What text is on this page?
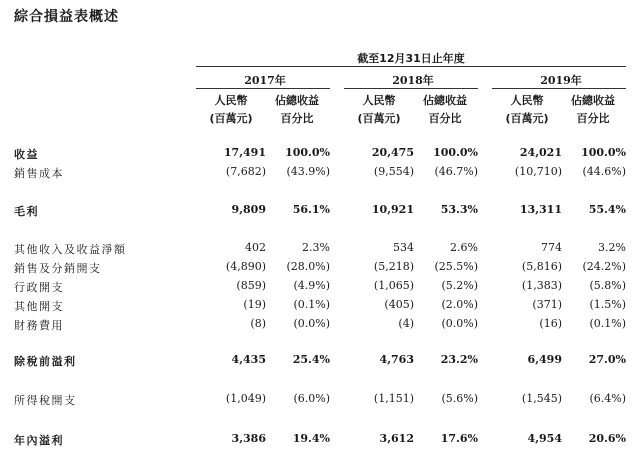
綜合損益表概述
截至12月31日止年度
2017年	2018年	2019年
人民幣
(百萬元)
佔總收益
百分比
人民幣
(百萬元)
佔總收益
百分比
人民幣
(百萬元)
佔總收益
百分比
收益	17,491 100.0%	20,475 100.0%	24,021 100.0%
銷售成本	(7,682) (43.9%)	(9,554) (46.7%)	(10,710) (44.6%)
毛利	9,809 56.1%	10,921 53.3%	13,311 55.4%
其他收入及收益淨額	402	2.3%	534	2.6%	774	3.2%
銷售及分銷開支	(4,890) (28.0%)	(5,218) (25.5%)	(5,816) (24.2%)
行政開支	(859) (4.9%)	(1,065) (5.2%)	(1,383) (5.8%)
其他開支	(19) (0.1%)	(405) (2.0%)	(371) (1.5%)
財務費用	(8) (0.0%)	(4) (0.0%)	(16) (0.1%)
除稅前溢利	4,435 25.4%	4,763 23.2%	6,499 27.0%
所得稅開支	(1,049) (6.0%)	(1,151) (5.6%)	(1,545) (6.4%)
年內溢利	3,386 19.4%	3,612 17.6%	4,954 20.6%
